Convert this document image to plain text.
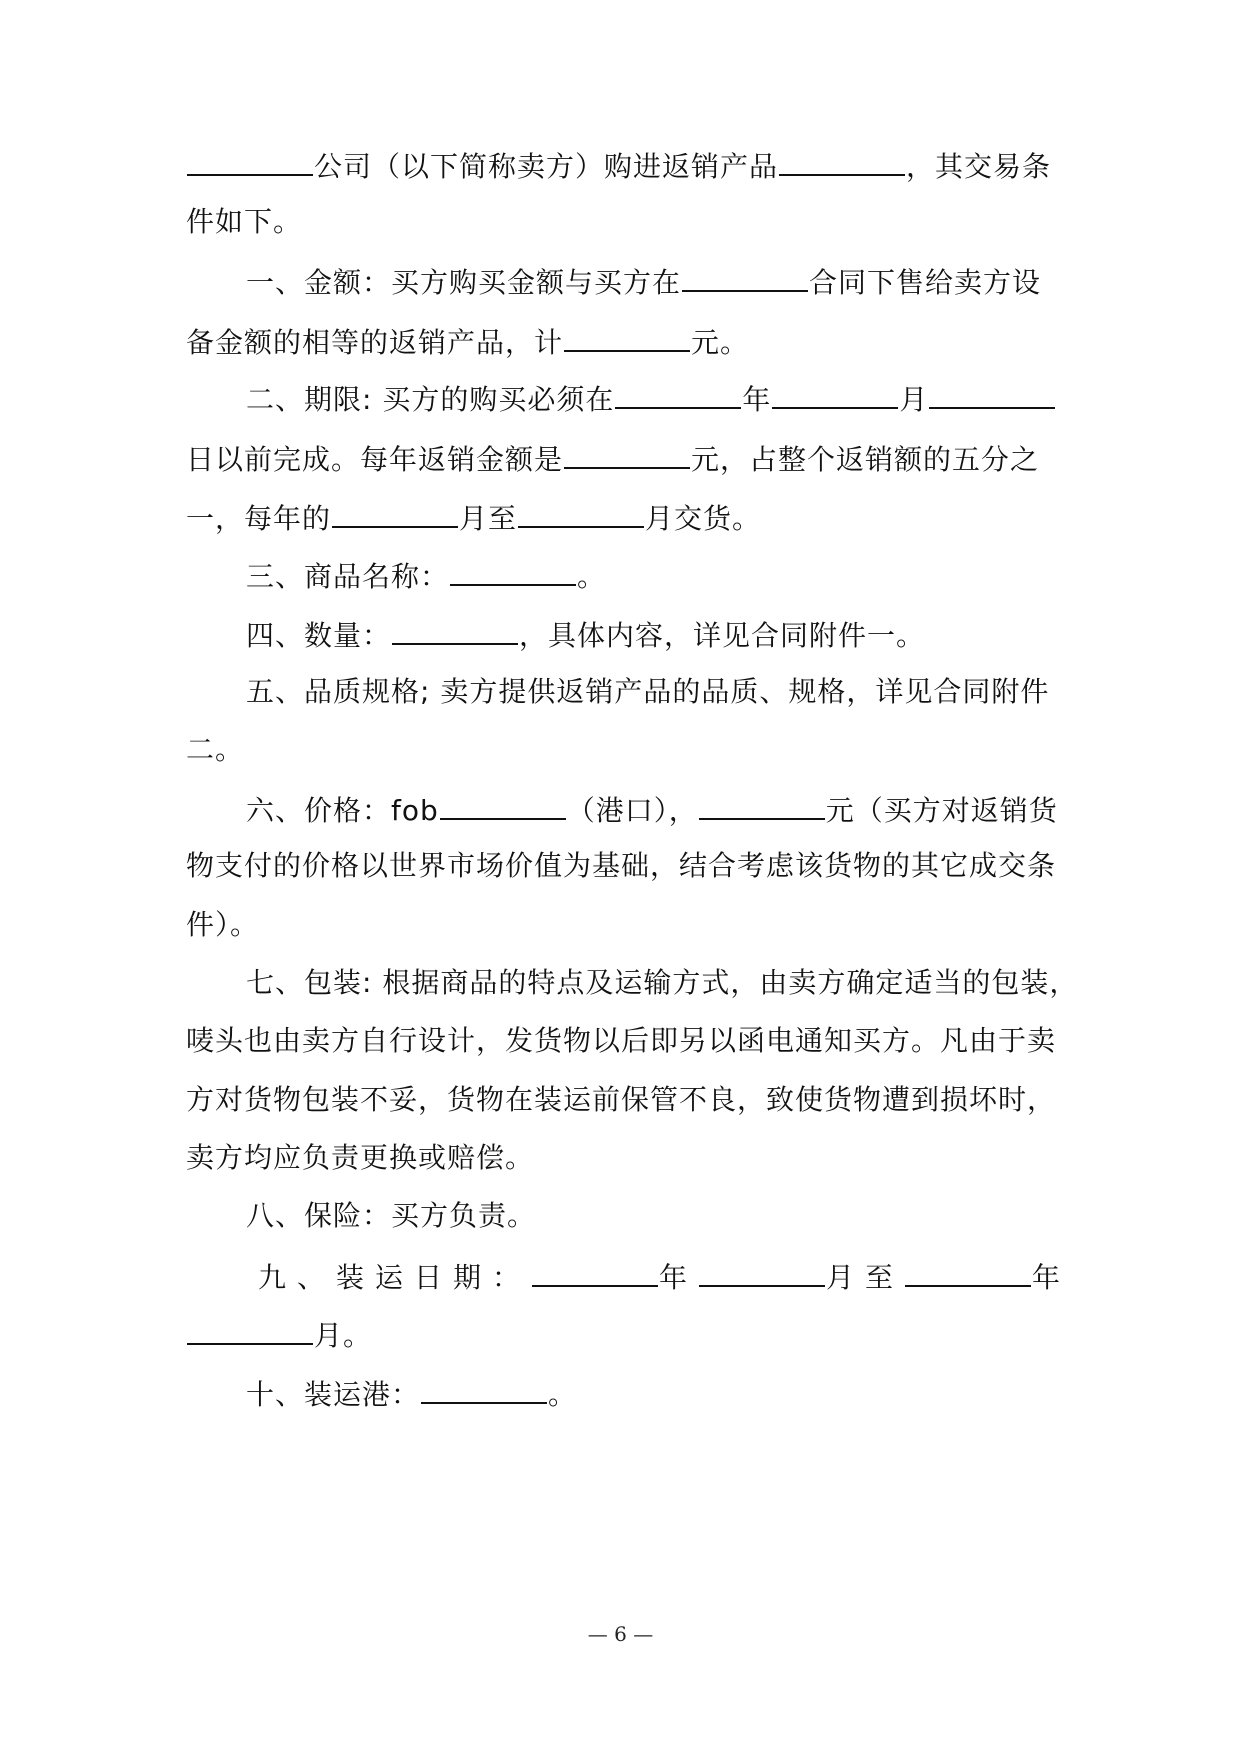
公司（以下简称卖方）购进返销产品	，其交易条
件如下。
一、金额：买方购买金额与买方在	合同下售给卖方设
备金额的相等的返销产品，计	元。
二、期限: 买方的购买必须在	年	月
日以前完成。每年返销金额是	元，占整个返销额的五分之
一，每年的	月至	月交货。
三、商品名称：	。
四、数量：	，具体内容，详见合同附件一。
五、品质规格; 卖方提供返销产品的品质、规格，详见合同附件
二。
六、价格：fob	（港口），	元（买方对返销货
物支付的价格以世界市场价值为基础，结合考虑该货物的其它成交条
件）。
七、包装: 根据商品的特点及运输方式，由卖方确定适当的包装，
唛头也由卖方自行设计，发货物以后即另以函电通知买方。凡由于卖
方对货物包装不妥，货物在装运前保管不良，致使货物遭到损坏时，
卖方均应负责更换或赔偿。
八、保险：买方负责。
九、装运日期：	年	月至	年
月。
十、装运港：	。
— 6 —
